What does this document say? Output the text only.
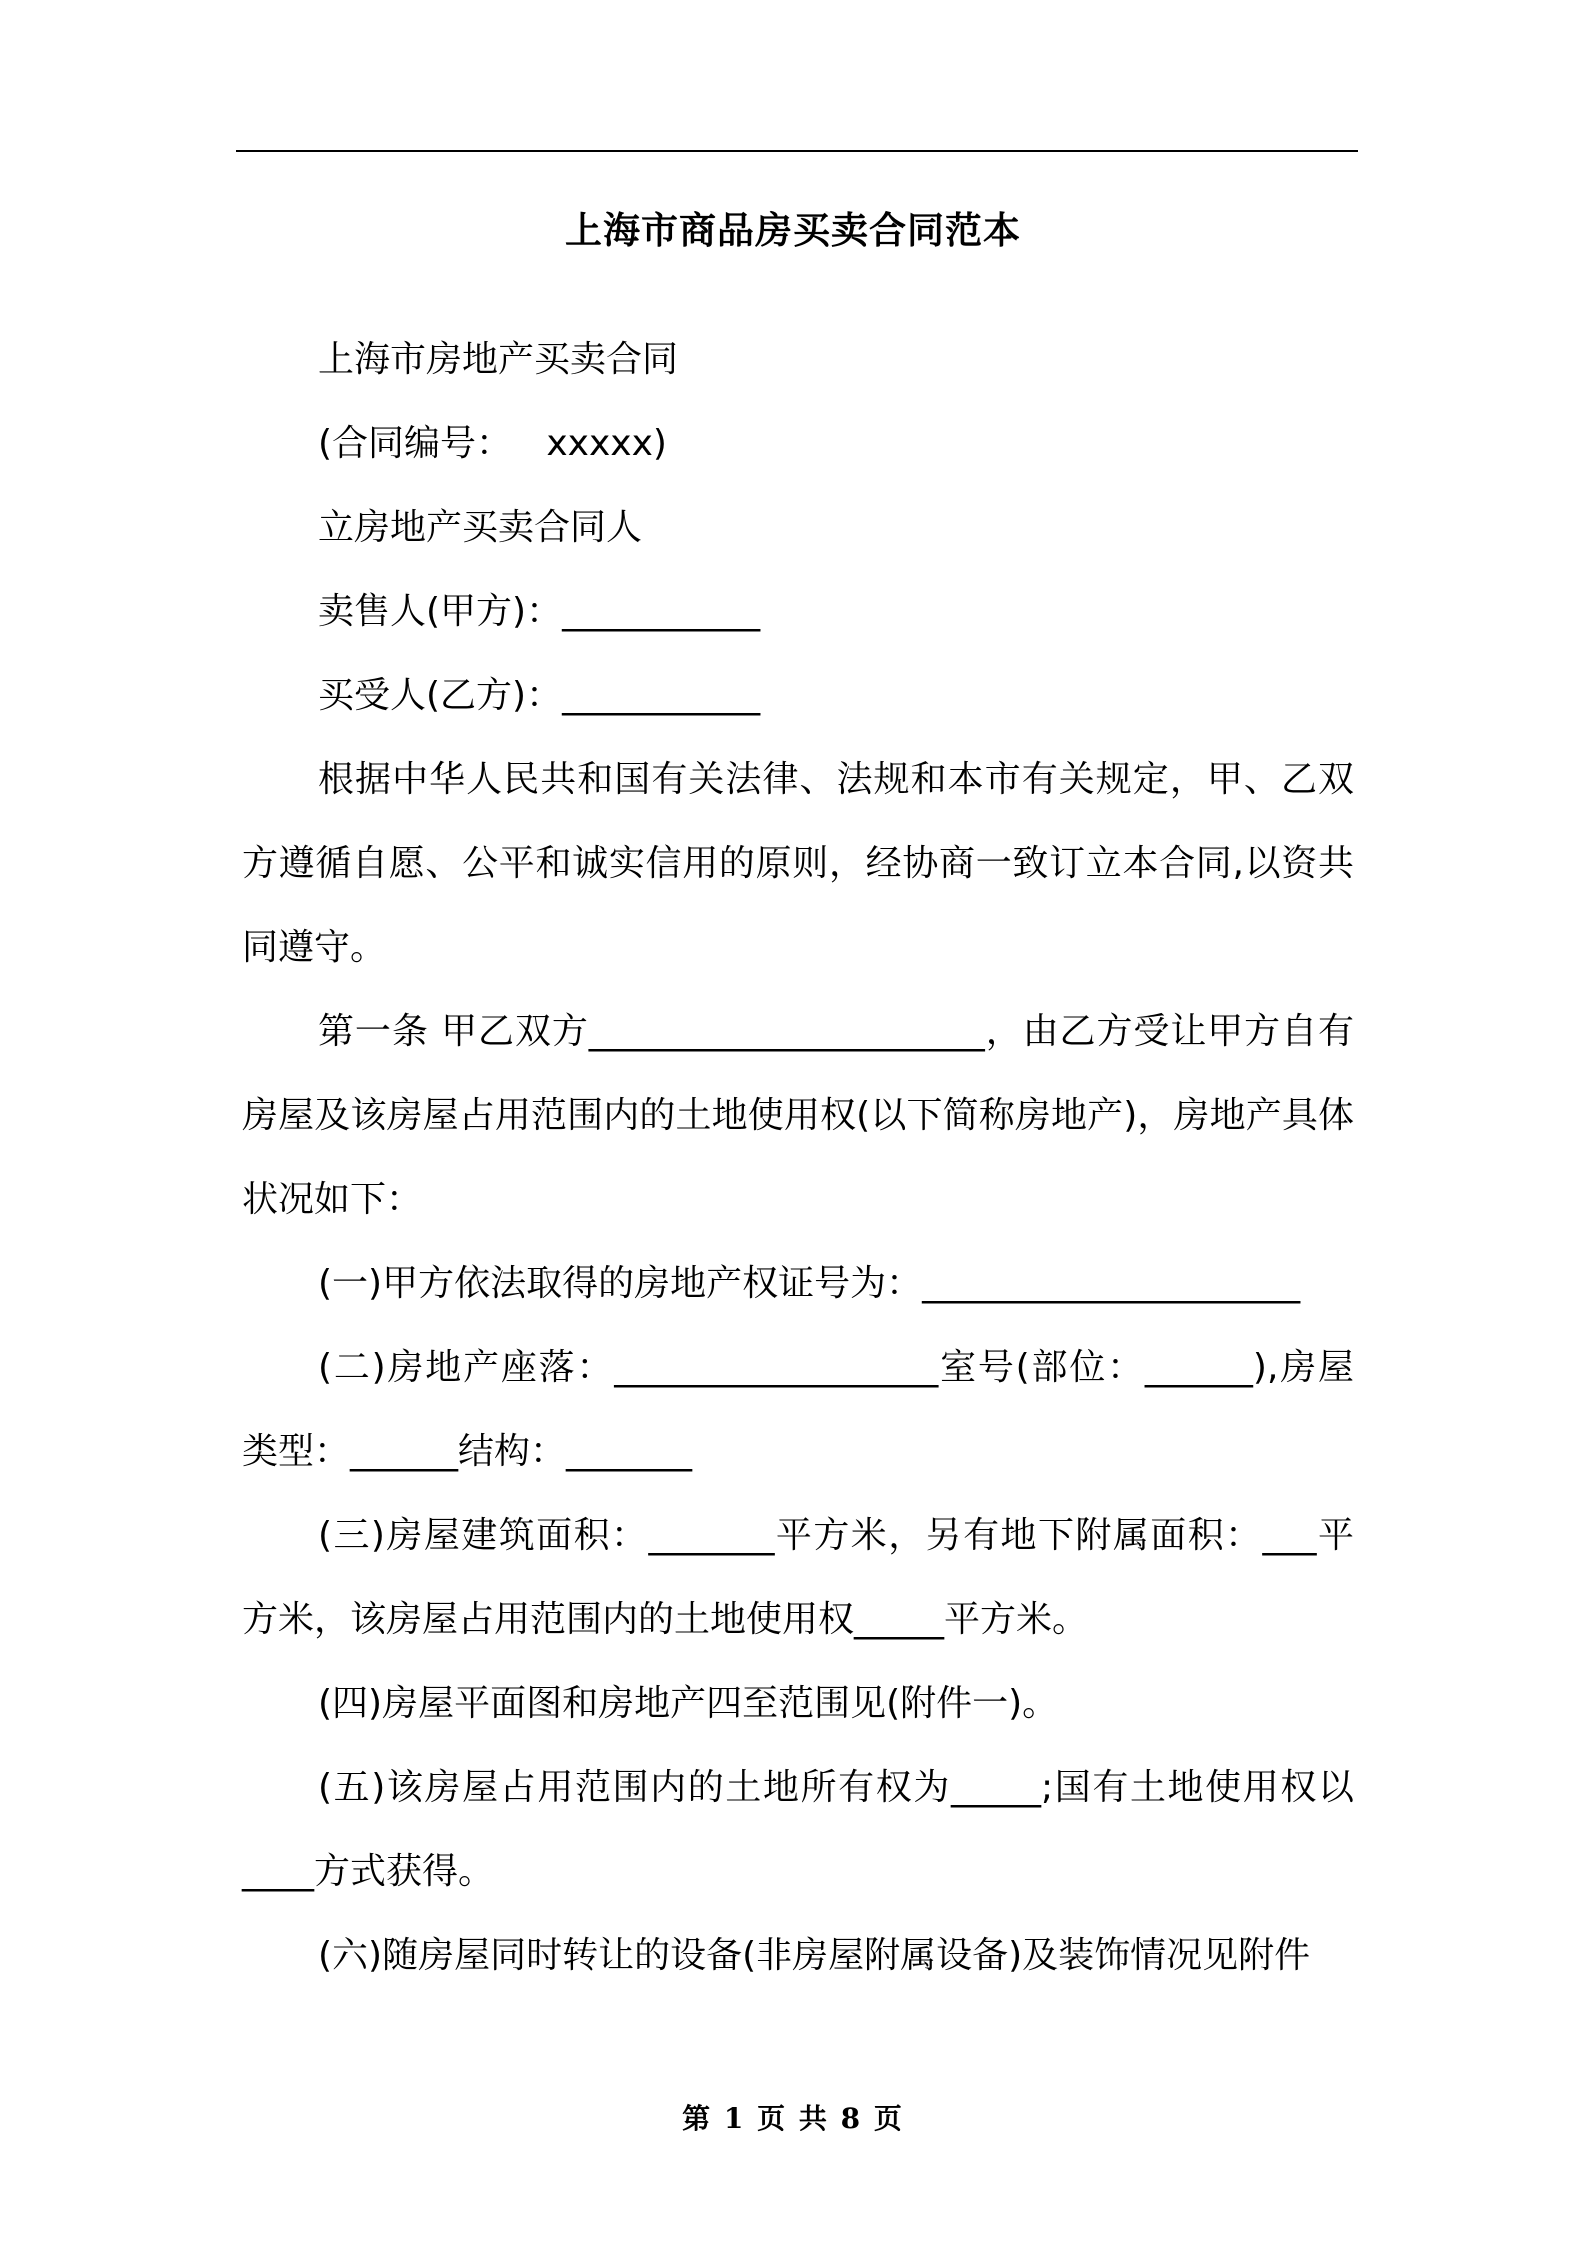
上海市商品房买卖合同范本

上海市房地产买卖合同

(合同编号：   xxxxx)

立房地产买卖合同人

卖售人(甲方)：___________

买受人(乙方)：___________

根据中华人民共和国有关法律、法规和本市有关规定，甲、乙双方遵循自愿、公平和诚实信用的原则，经协商一致订立本合同,以资共同遵守。

第一条 甲乙双方______________________，由乙方受让甲方自有房屋及该房屋占用范围内的土地使用权(以下简称房地产)，房地产具体状况如下：

(一)甲方依法取得的房地产权证号为：_____________________

(二)房地产座落：__________________室号(部位：______),房屋类型：______结构：_______

(三)房屋建筑面积：_______平方米，另有地下附属面积：___平方米，该房屋占用范围内的土地使用权_____平方米。

(四)房屋平面图和房地产四至范围见(附件一)。

(五)该房屋占用范围内的土地所有权为_____;国有土地使用权以____方式获得。

(六)随房屋同时转让的设备(非房屋附属设备)及装饰情况见附件

第 1 页 共 8 页
